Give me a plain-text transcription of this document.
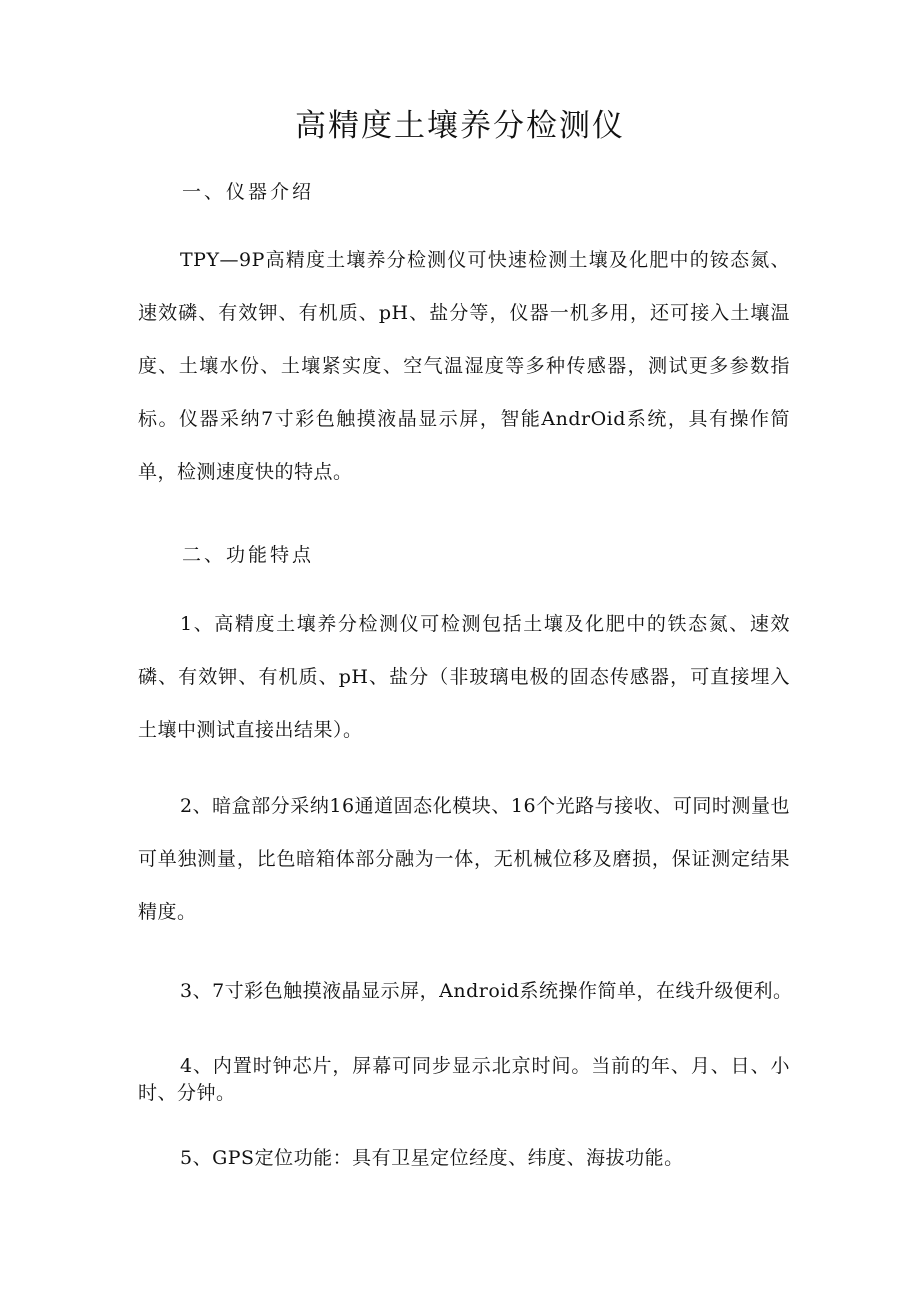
高精度土壤养分检测仪
一、仪器介绍

TPY—9P高精度土壤养分检测仪可快速检测土壤及化肥中的铵态氮、速效磷、有效钾、有机质、pH、盐分等，仪器一机多用，还可接入土壤温度、土壤水份、土壤紧实度、空气温湿度等多种传感器，测试更多参数指标。仪器采纳7寸彩色触摸液晶显示屏，智能AndrOid系统，具有操作简单，检测速度快的特点。

二、功能特点

1、高精度土壤养分检测仪可检测包括土壤及化肥中的铁态氮、速效磷、有效钾、有机质、pH、盐分（非玻璃电极的固态传感器，可直接埋入土壤中测试直接出结果）。

2、暗盒部分采纳16通道固态化模块、16个光路与接收、可同时测量也可单独测量，比色暗箱体部分融为一体，无机械位移及磨损，保证测定结果精度。

3、7寸彩色触摸液晶显示屏，Android系统操作简单，在线升级便利。

4、内置时钟芯片，屏幕可同步显示北京时间。当前的年、月、日、小时、分钟。

5、GPS定位功能：具有卫星定位经度、纬度、海拔功能。
